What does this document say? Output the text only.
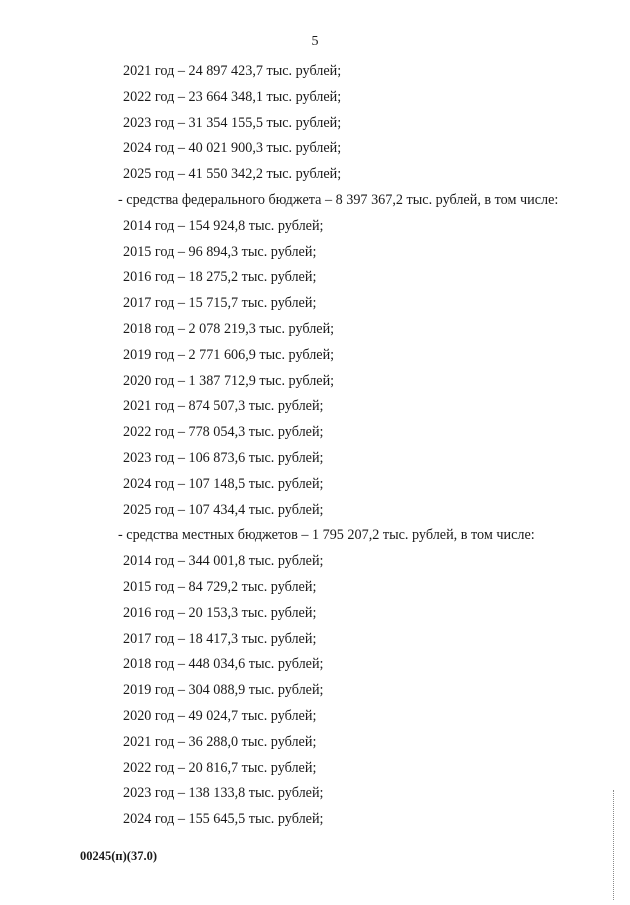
5
2021 год – 24 897 423,7 тыс. рублей;
2022 год – 23 664 348,1 тыс. рублей;
2023 год – 31 354 155,5 тыс. рублей;
2024 год – 40 021 900,3 тыс. рублей;
2025 год – 41 550 342,2 тыс. рублей;
- средства федерального бюджета – 8 397 367,2 тыс. рублей, в том числе:
2014 год – 154 924,8 тыс. рублей;
2015 год – 96 894,3 тыс. рублей;
2016 год – 18 275,2 тыс. рублей;
2017 год – 15 715,7 тыс. рублей;
2018 год – 2 078 219,3 тыс. рублей;
2019 год – 2 771 606,9 тыс. рублей;
2020 год – 1 387 712,9 тыс. рублей;
2021 год – 874 507,3 тыс. рублей;
2022 год – 778 054,3 тыс. рублей;
2023 год – 106 873,6 тыс. рублей;
2024 год – 107 148,5 тыс. рублей;
2025 год – 107 434,4 тыс. рублей;
- средства местных бюджетов – 1 795 207,2 тыс. рублей, в том числе:
2014 год – 344 001,8 тыс. рублей;
2015 год – 84 729,2 тыс. рублей;
2016 год – 20 153,3 тыс. рублей;
2017 год – 18 417,3 тыс. рублей;
2018 год – 448 034,6 тыс. рублей;
2019 год – 304 088,9 тыс. рублей;
2020 год – 49 024,7 тыс. рублей;
2021 год – 36 288,0 тыс. рублей;
2022 год – 20 816,7 тыс. рублей;
2023 год – 138 133,8 тыс. рублей;
2024 год – 155 645,5 тыс. рублей;
00245(п)(37.0)
